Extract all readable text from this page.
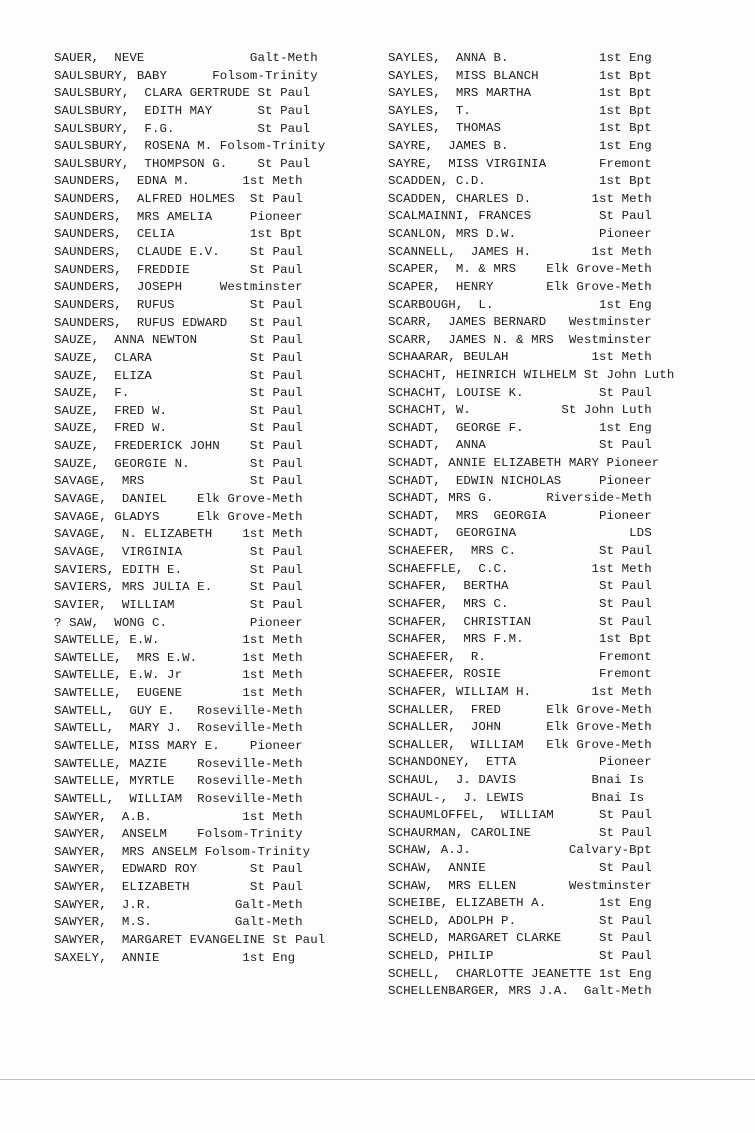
SAUER,  NEVE              Galt-Meth
SAULSBURY, BABY      Folsom-Trinity
SAULSBURY,  CLARA GERTRUDE St Paul
SAULSBURY,  EDITH MAY      St Paul
SAULSBURY,  F.G.           St Paul
SAULSBURY,  ROSENA M. Folsom-Trinity
SAULSBURY,  THOMPSON G.    St Paul
SAUNDERS,  EDNA M.       1st Meth
SAUNDERS,  ALFRED HOLMES  St Paul
SAUNDERS,  MRS AMELIA     Pioneer
SAUNDERS,  CELIA          1st Bpt
SAUNDERS,  CLAUDE E.V.    St Paul
SAUNDERS,  FREDDIE        St Paul
SAUNDERS,  JOSEPH     Westminster
SAUNDERS,  RUFUS          St Paul
SAUNDERS,  RUFUS EDWARD   St Paul
SAUZE,  ANNA NEWTON       St Paul
SAUZE,  CLARA             St Paul
SAUZE,  ELIZA             St Paul
SAUZE,  F.                St Paul
SAUZE,  FRED W.           St Paul
SAUZE,  FRED W.           St Paul
SAUZE,  FREDERICK JOHN    St Paul
SAUZE,  GEORGIE N.        St Paul
SAVAGE,  MRS              St Paul
SAVAGE,  DANIEL    Elk Grove-Meth
SAVAGE, GLADYS     Elk Grove-Meth
SAVAGE,  N. ELIZABETH    1st Meth
SAVAGE,  VIRGINIA         St Paul
SAVIERS, EDITH E.         St Paul
SAVIERS, MRS JULIA E.     St Paul
SAVIER,  WILLIAM          St Paul
? SAW,  WONG C.           Pioneer
SAWTELLE, E.W.           1st Meth
SAWTELLE,  MRS E.W.      1st Meth
SAWTELLE, E.W. Jr        1st Meth
SAWTELLE,  EUGENE        1st Meth
SAWTELL,  GUY E.   Roseville-Meth
SAWTELL,  MARY J.  Roseville-Meth
SAWTELLE, MISS MARY E.    Pioneer
SAWTELLE, MAZIE    Roseville-Meth
SAWTELLE, MYRTLE   Roseville-Meth
SAWTELL,  WILLIAM  Roseville-Meth
SAWYER,  A.B.            1st Meth
SAWYER,  ANSELM    Folsom-Trinity
SAWYER,  MRS ANSELM Folsom-Trinity
SAWYER,  EDWARD ROY       St Paul
SAWYER,  ELIZABETH        St Paul
SAWYER,  J.R.           Galt-Meth
SAWYER,  M.S.           Galt-Meth
SAWYER,  MARGARET EVANGELINE St Paul
SAXELY,  ANNIE           1st Eng
SAYLES,  ANNA B.            1st Eng
SAYLES,  MISS BLANCH        1st Bpt
SAYLES,  MRS MARTHA         1st Bpt
SAYLES,  T.                 1st Bpt
SAYLES,  THOMAS             1st Bpt
SAYRE,  JAMES B.            1st Eng
SAYRE,  MISS VIRGINIA       Fremont
SCADDEN, C.D.               1st Bpt
SCADDEN, CHARLES D.        1st Meth
SCALMAINNI, FRANCES         St Paul
SCANLON, MRS D.W.           Pioneer
SCANNELL,  JAMES H.        1st Meth
SCAPER,  M. & MRS    Elk Grove-Meth
SCAPER,  HENRY       Elk Grove-Meth
SCARBOUGH,  L.              1st Eng
SCARR,  JAMES BERNARD   Westminster
SCARR,  JAMES N. & MRS  Westminster
SCHAARAR, BEULAH           1st Meth
SCHACHT, HEINRICH WILHELM St John Luth
SCHACHT, LOUISE K.          St Paul
SCHACHT, W.            St John Luth
SCHADT,  GEORGE F.          1st Eng
SCHADT,  ANNA               St Paul
SCHADT, ANNIE ELIZABETH MARY Pioneer
SCHADT,  EDWIN NICHOLAS     Pioneer
SCHADT, MRS G.       Riverside-Meth
SCHADT,  MRS  GEORGIA       Pioneer
SCHADT,  GEORGINA               LDS
SCHAEFER,  MRS C.           St Paul
SCHAEFFLE,  C.C.           1st Meth
SCHAFER,  BERTHA            St Paul
SCHAFER,  MRS C.            St Paul
SCHAFER,  CHRISTIAN         St Paul
SCHAFER,  MRS F.M.          1st Bpt
SCHAEFER,  R.               Fremont
SCHAEFER, ROSIE             Fremont
SCHAFER, WILLIAM H.        1st Meth
SCHALLER,  FRED      Elk Grove-Meth
SCHALLER,  JOHN      Elk Grove-Meth
SCHALLER,  WILLIAM   Elk Grove-Meth
SCHANDONEY,  ETTA           Pioneer
SCHAUL,  J. DAVIS          Bnai Is
SCHAUL-,  J. LEWIS         Bnai Is
SCHAUMLOFFEL,  WILLIAM      St Paul
SCHAURMAN, CAROLINE         St Paul
SCHAW, A.J.             Calvary-Bpt
SCHAW,  ANNIE               St Paul
SCHAW,  MRS ELLEN       Westminster
SCHEIBE, ELIZABETH A.       1st Eng
SCHELD, ADOLPH P.           St Paul
SCHELD, MARGARET CLARKE     St Paul
SCHELD, PHILIP              St Paul
SCHELL,  CHARLOTTE JEANETTE 1st Eng
SCHELLENBARGER, MRS J.A.  Galt-Meth
